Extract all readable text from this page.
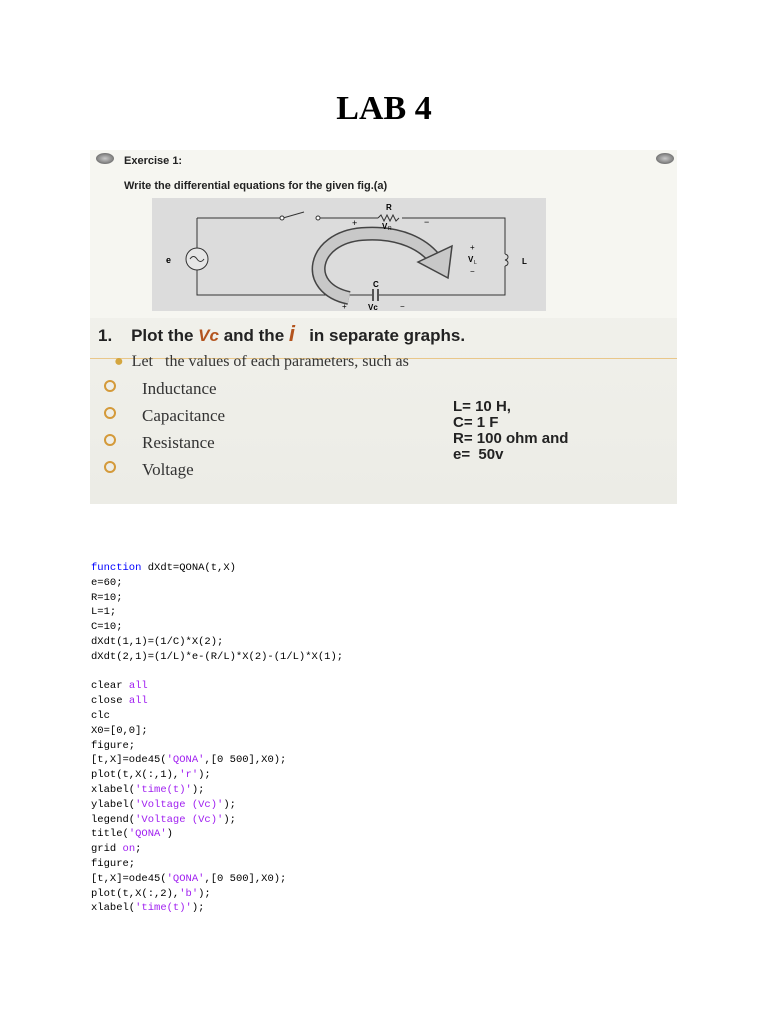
LAB 4
Exercise 1:
Write the differential equations for the given fig.(a)
e
R
+	−
V R
L
+
V L
−
C
+	Vc	−
1. Plot the Vc and the i in separate graphs.
● Let   the values of each parameters, such as
Inductance
Capacitance
Resistance
Voltage
L= 10 H,
C= 1 F
R= 100 ohm and
e=  50v
function dXdt=QONA(t,X)
e=60;
R=10;
L=1;
C=10;
dXdt(1,1)=(1/C)*X(2);
dXdt(2,1)=(1/L)*e-(R/L)*X(2)-(1/L)*X(1);
clear all
close all
clc
X0=[0,0];
figure;
[t,X]=ode45('QONA',[0 500],X0);
plot(t,X(:,1),'r');
xlabel('time(t)');
ylabel('Voltage (Vc)');
legend('Voltage (Vc)');
title('QONA')
grid on;
figure;
[t,X]=ode45('QONA',[0 500],X0);
plot(t,X(:,2),'b');
xlabel('time(t)');
